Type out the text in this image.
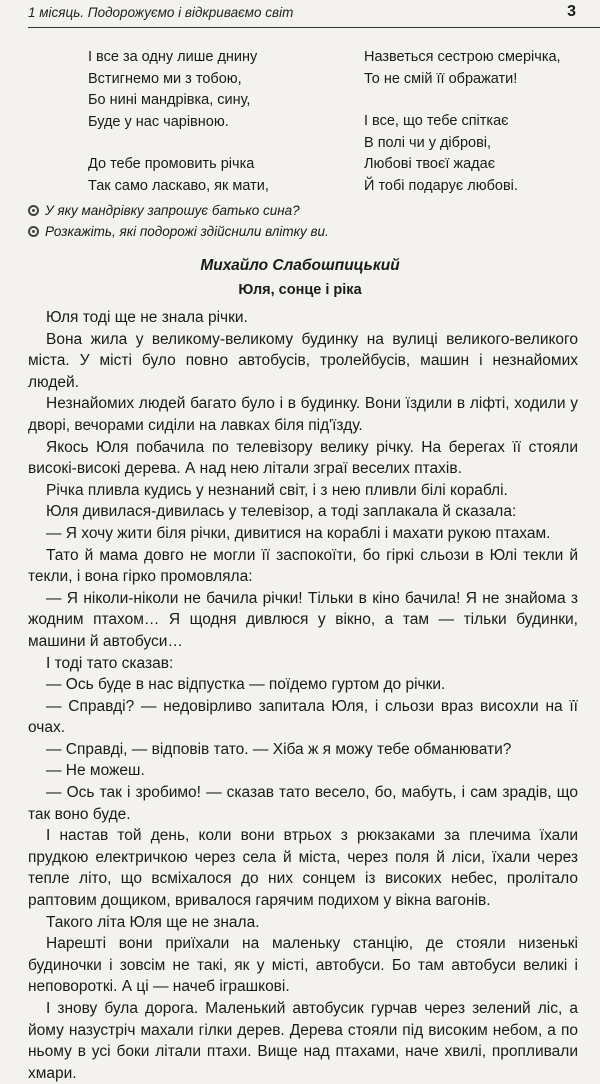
1 місяць. Подорожуємо і відкриваємо світ	3
І все за одну лише днину
Встигнемо ми з тобою,
Бо нині мандрівка, сину,
Буде у нас чарівною.
До тебе промовить річка
Так само ласкаво, як мати,
Назветься сестрою смерічка,
То не смій її ображати!
І все, що тебе спіткає
В полі чи у діброві,
Любові твоєї жадає
Й тобі подарує любові.
У яку мандрівку запрошує батько сина?
Розкажіть, які подорожі здійснили влітку ви.
Михайло Слабошпицький
Юля, сонце і ріка

Юля тоді ще не знала річки.

Вона жила у великому-великому будинку на вулиці великого-великого міста. У місті було повно автобусів, тролейбусів, машин і незнайомих людей.

Незнайомих людей багато було і в будинку. Вони їздили в ліфті, ходили у дворі, вечорами сиділи на лавках біля під'їзду.

Якось Юля побачила по телевізору велику річку. На берегах її стояли високі-високі дерева. А над нею літали зграї веселих птахів.

Річка пливла кудись у незнаний світ, і з нею пливли білі кораблі.

Юля дивилася-дивилась у телевізор, а тоді заплакала й сказала:

— Я хочу жити біля річки, дивитися на кораблі і махати рукою птахам.

Тато й мама довго не могли її заспокоїти, бо гіркі сльози в Юлі текли й текли, і вона гірко промовляла:

— Я ніколи-ніколи не бачила річки! Тільки в кіно бачила! Я не знайома з жодним птахом… Я щодня дивлюся у вікно, а там — тільки будинки, машини й автобуси…

І тоді тато сказав:

— Ось буде в нас відпустка — поїдемо гуртом до річки.

— Справді? — недовірливо запитала Юля, і сльози враз висохли на її очах.

— Справді, — відповів тато. — Хіба ж я можу тебе обманювати?

— Не можеш.

— Ось так і зробимо! — сказав тато весело, бо, мабуть, і сам зрадів, що так воно буде.

І настав той день, коли вони втрьох з рюкзаками за плечима їхали прудкою електричкою через села й міста, через поля й ліси, їхали через тепле літо, що всміхалося до них сонцем із високих небес, пролітало раптовим дощиком, вривалося гарячим подихом у вікна вагонів.

Такого літа Юля ще не знала.

Нарешті вони приїхали на маленьку станцію, де стояли низенькі будиночки і зовсім не такі, як у місті, автобуси. Бо там автобуси великі і неповороткі. А ці — начеб іграшкові.

І знову була дорога. Маленький автобусик гурчав через зелений ліс, а йому назустріч махали гілки дерев. Дерева стояли під високим небом, а по ньому в усі боки літали птахи. Вище над птахами, наче хвилі, пропливали хмари.
